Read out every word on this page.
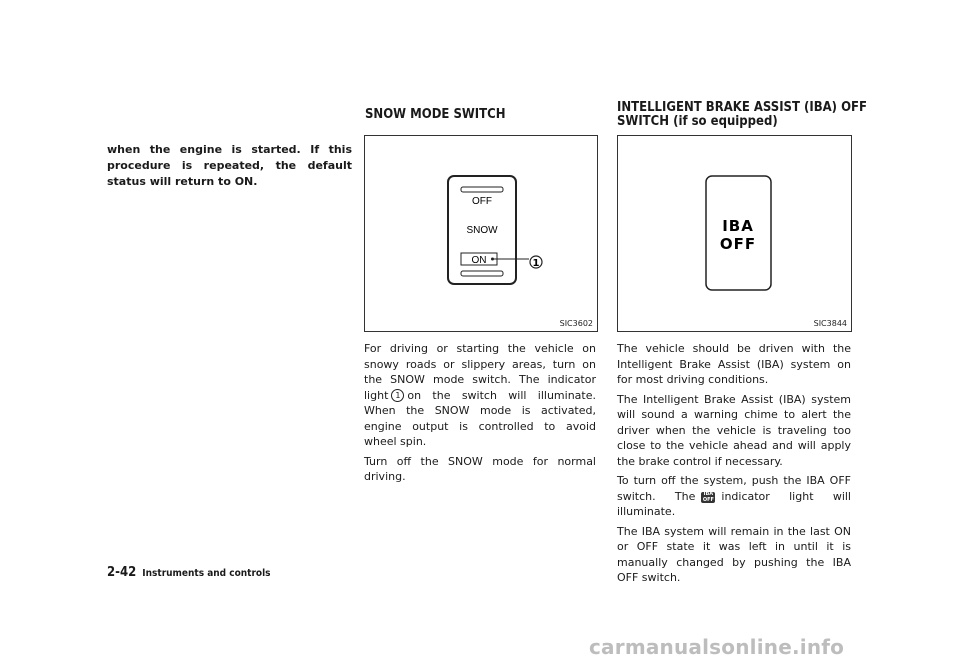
when the engine is started. If this procedure is repeated, the default status will return to ON.
SNOW MODE SWITCH
OFF
SNOW
ON	1
SIC3602

For driving or starting the vehicle on snowy roads or slippery areas, turn on the SNOW mode switch. The indicator light 1 on the switch will illuminate. When the SNOW mode is activated, engine output is controlled to avoid wheel spin.

Turn off the SNOW mode for normal driving.

INTELLIGENT BRAKE ASSIST (IBA) OFF
SWITCH (if so equipped)
IBA
OFF
SIC3844

The vehicle should be driven with the Intelligent Brake Assist (IBA) system on for most driving conditions.

The Intelligent Brake Assist (IBA) system will sound a warning chime to alert the driver when the vehicle is traveling too close to the vehicle ahead and will apply the brake control if necessary.

To turn off the system, push the IBA OFF switch. The IBA
OFF indicator light will illuminate.

The IBA system will remain in the last ON or OFF state it was left in until it is manually changed by pushing the IBA OFF switch.

2-42 Instruments and controls
carmanualsonline.info
